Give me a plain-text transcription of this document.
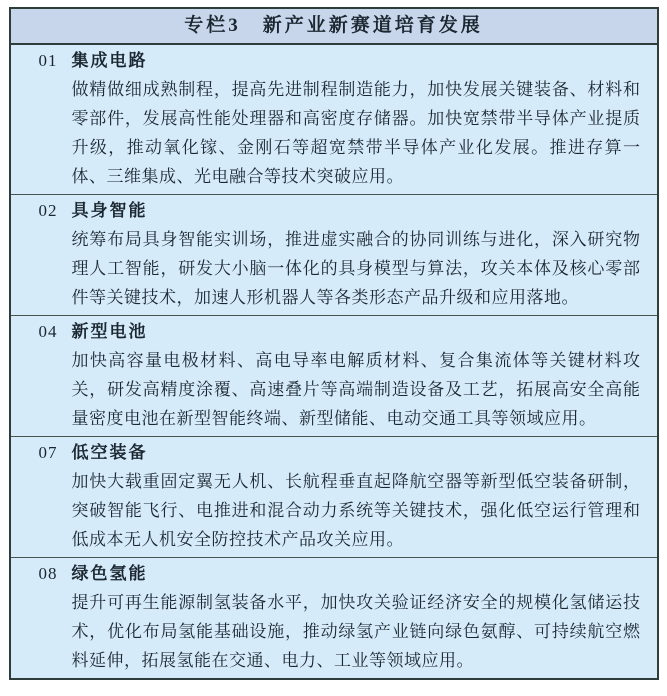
专栏3　新产业新赛道培育发展
01 集成电路

做精做细成熟制程，提高先进制程制造能力，加快发展关键装备、材料和零部件，发展高性能处理器和高密度存储器。加快宽禁带半导体产业提质升级，推动氧化镓、金刚石等超宽禁带半导体产业化发展。推进存算一体、三维集成、光电融合等技术突破应用。

02 具身智能

统筹布局具身智能实训场，推进虚实融合的协同训练与进化，深入研究物理人工智能，研发大小脑一体化的具身模型与算法，攻关本体及核心零部件等关键技术，加速人形机器人等各类形态产品升级和应用落地。

04 新型电池

加快高容量电极材料、高电导率电解质材料、复合集流体等关键材料攻关，研发高精度涂覆、高速叠片等高端制造设备及工艺，拓展高安全高能量密度电池在新型智能终端、新型储能、电动交通工具等领域应用。

07 低空装备

加快大载重固定翼无人机、长航程垂直起降航空器等新型低空装备研制，突破智能飞行、电推进和混合动力系统等关键技术，强化低空运行管理和低成本无人机安全防控技术产品攻关应用。

08 绿色氢能

提升可再生能源制氢装备水平，加快攻关验证经济安全的规模化氢储运技术，优化布局氢能基础设施，推动绿氢产业链向绿色氨醇、可持续航空燃料延伸，拓展氢能在交通、电力、工业等领域应用。
